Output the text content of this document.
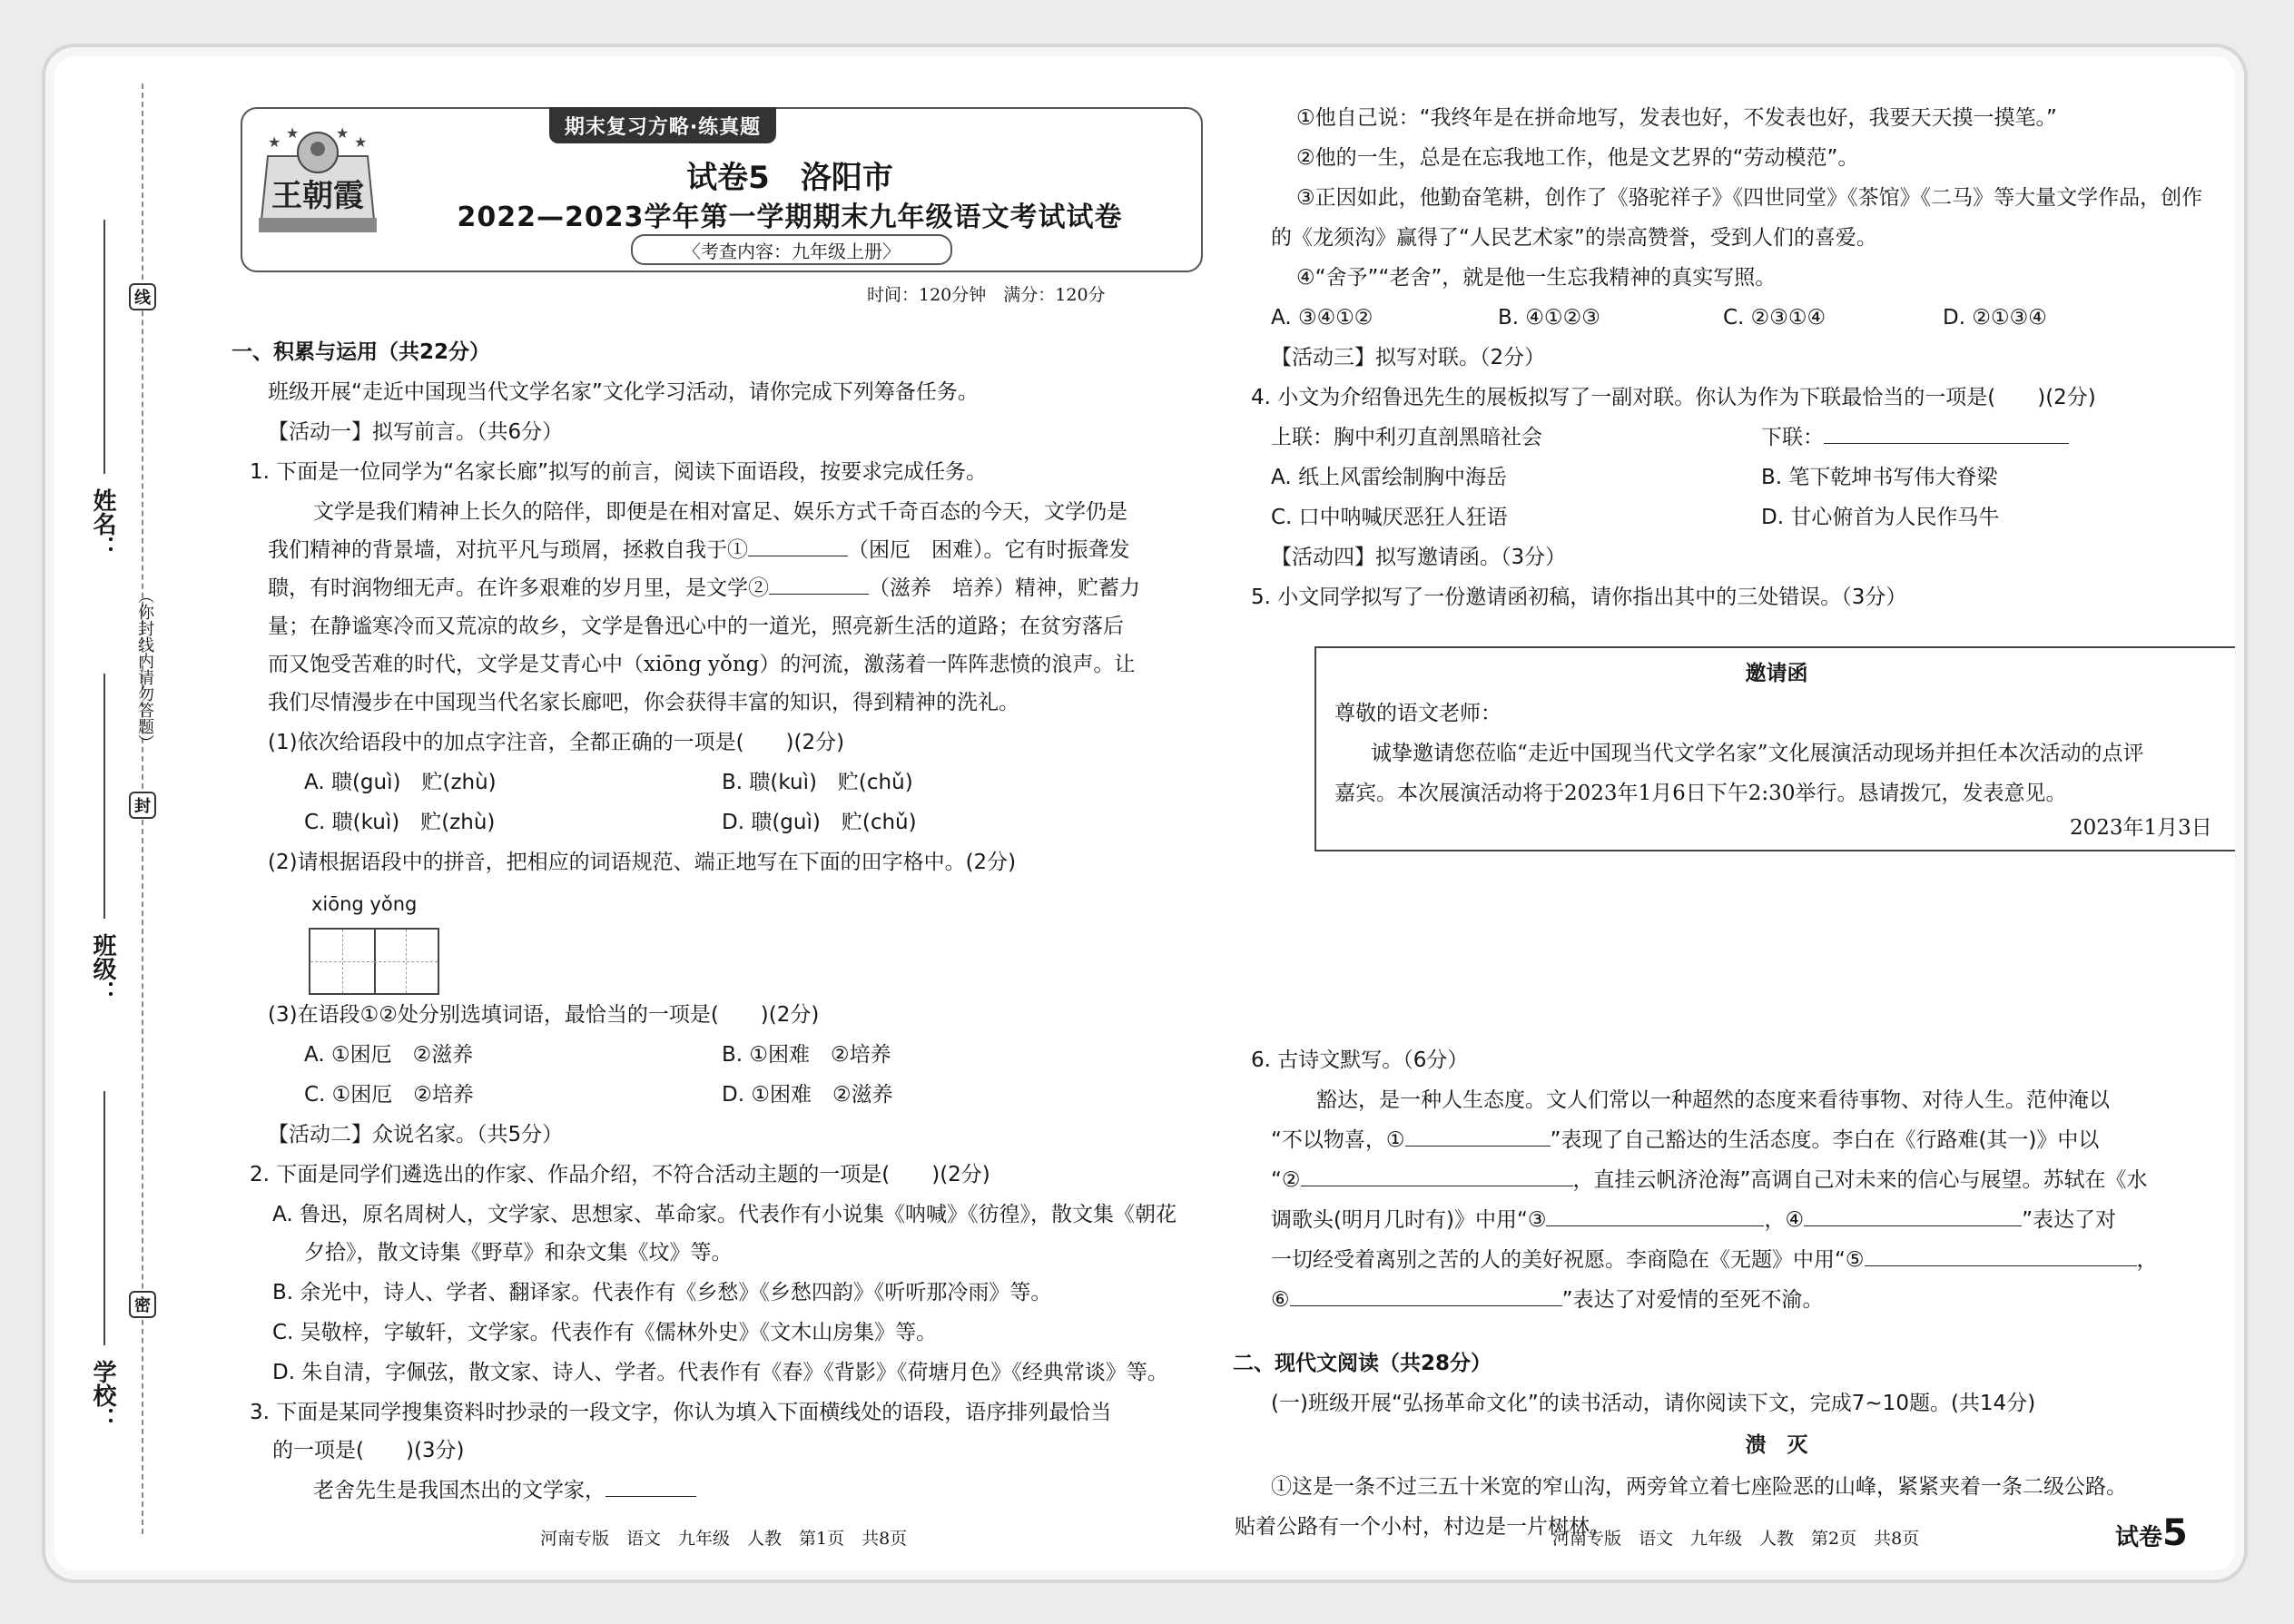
线
封
密
（你封线内请勿答题）
姓名：
班级：
学校：
期末复习方略·练真题
★
★	★
★
王朝霞	试卷5　洛阳市
2022—2023学年第一学期期末九年级语文考试试卷
〈考查内容：九年级上册〉
时间：120分钟　满分：120分
一、积累与运用（共22分）
班级开展“走近中国现当代文学名家”文化学习活动，请你完成下列筹备任务。
【活动一】拟写前言。（共6分）
1. 下面是一位同学为“名家长廊”拟写的前言，阅读下面语段，按要求完成任务。
文学是我们精神上长久的陪伴，即便是在相对富足、娱乐方式千奇百态的今天，文学仍是
我们精神的背景墙，对抗平凡与琐屑，拯救自我于①	（困厄　困难）。它有时振聋发
聩，有时润物细无声。在许多艰难的岁月里，是文学②	（滋养　培养）精神，贮蓄力
量；在静谧寒冷而又荒凉的故乡，文学是鲁迅心中的一道光，照亮新生活的道路；在贫穷落后
而又饱受苦难的时代，文学是艾青心中（xiōng yǒng）的河流，激荡着一阵阵悲愤的浪声。让
我们尽情漫步在中国现当代名家长廊吧，你会获得丰富的知识，得到精神的洗礼。
(1)依次给语段中的加点字注音，全都正确的一项是(　　)(2分)
A. 聩(guì)　贮(zhù)	B. 聩(kuì)　贮(chǔ)
C. 聩(kuì)　贮(zhù)	D. 聩(guì)　贮(chǔ)
(2)请根据语段中的拼音，把相应的词语规范、端正地写在下面的田字格中。(2分)
xiōng yǒng
(3)在语段①②处分别选填词语，最恰当的一项是(　　)(2分)
A. ①困厄　②滋养	B. ①困难　②培养
C. ①困厄　②培养	D. ①困难　②滋养
【活动二】众说名家。（共5分）
2. 下面是同学们遴选出的作家、作品介绍，不符合活动主题的一项是(　　)(2分)
A. 鲁迅，原名周树人，文学家、思想家、革命家。代表作有小说集《呐喊》《彷徨》，散文集《朝花
夕拾》，散文诗集《野草》和杂文集《坟》等。
B. 余光中，诗人、学者、翻译家。代表作有《乡愁》《乡愁四韵》《听听那冷雨》等。
C. 吴敬梓，字敏轩，文学家。代表作有《儒林外史》《文木山房集》等。
D. 朱自清，字佩弦，散文家、诗人、学者。代表作有《春》《背影》《荷塘月色》《经典常谈》等。
3. 下面是某同学搜集资料时抄录的一段文字，你认为填入下面横线处的语段，语序排列最恰当
的一项是(　　)(3分)
老舍先生是我国杰出的文学家，
河南专版　语文　九年级　人教　第1页　共8页
①他自己说：“我终年是在拼命地写，发表也好，不发表也好，我要天天摸一摸笔。”
②他的一生，总是在忘我地工作，他是文艺界的“劳动模范”。
③正因如此，他勤奋笔耕，创作了《骆驼祥子》《四世同堂》《茶馆》《二马》等大量文学作品，创作
的《龙须沟》赢得了“人民艺术家”的崇高赞誉，受到人们的喜爱。
④“舍予”“老舍”，就是他一生忘我精神的真实写照。
A. ③④①②	B. ④①②③	C. ②③①④	D. ②①③④
【活动三】拟写对联。（2分）
4. 小文为介绍鲁迅先生的展板拟写了一副对联。你认为作为下联最恰当的一项是(　　)(2分)
上联：胸中利刃直剖黑暗社会	下联：
A. 纸上风雷绘制胸中海岳	B. 笔下乾坤书写伟大脊梁
C. 口中呐喊厌恶狂人狂语	D. 甘心俯首为人民作马牛
【活动四】拟写邀请函。（3分）
5. 小文同学拟写了一份邀请函初稿，请你指出其中的三处错误。（3分）
邀请函
尊敬的语文老师：
诚挚邀请您莅临“走近中国现当代文学名家”文化展演活动现场并担任本次活动的点评
嘉宾。本次展演活动将于2023年1月6日下午2:30举行。恳请拨冗，发表意见。
2023年1月3日
6. 古诗文默写。（6分）
豁达，是一种人生态度。文人们常以一种超然的态度来看待事物、对待人生。范仲淹以
“不以物喜，①	”表现了自己豁达的生活态度。李白在《行路难(其一)》中以
“②	，直挂云帆济沧海”高调自己对未来的信心与展望。苏轼在《水
调歌头(明月几时有)》中用“③	，④	”表达了对
一切经受着离别之苦的人的美好祝愿。李商隐在《无题》中用“⑤	，
⑥	”表达了对爱情的至死不渝。
二、现代文阅读（共28分）
(一)班级开展“弘扬革命文化”的读书活动，请你阅读下文，完成7~10题。(共14分)
溃　灭
①这是一条不过三五十米宽的窄山沟，两旁耸立着七座险恶的山峰，紧紧夹着一条二级公路。
贴着公路有一个小村，村边是一片树林。
河南专版　语文　九年级　人教　第2页　共8页	试卷5
